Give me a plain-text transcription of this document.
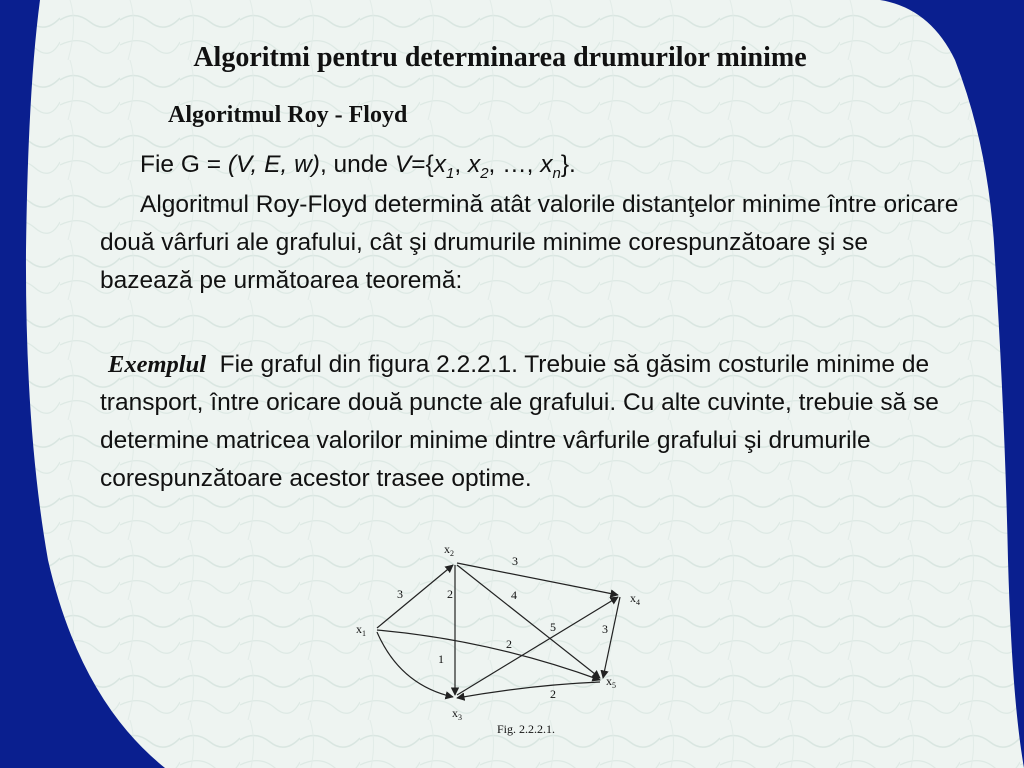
Algoritmi pentru determinarea drumurilor minime
Algoritmul Roy - Floyd
Fie G = (V, E, w), unde $V=\{x_1$, $x_2$, …, $x_n$}.
Algoritmul Roy-Floyd determină atât valorile distanţelor minime între oricare două vârfuri ale grafului, cât şi drumurile minime corespunzătoare şi se bazează pe următoarea teoremă:
Exemplul  Fie graful din figura 2.2.2.1. Trebuie să găsim costurile minime de transport, între oricare două puncte ale grafului. Cu alte cuvinte, trebuie să se determine matricea valorilor minime dintre vârfurile grafului şi drumurile corespunzătoare acestor trasee optime.
3	2
3
4
5	3
2
1
2
$x_1$
$x_2$
$x_3$
$x_4$
$x_5$
Fig. 2.2.2.1.
